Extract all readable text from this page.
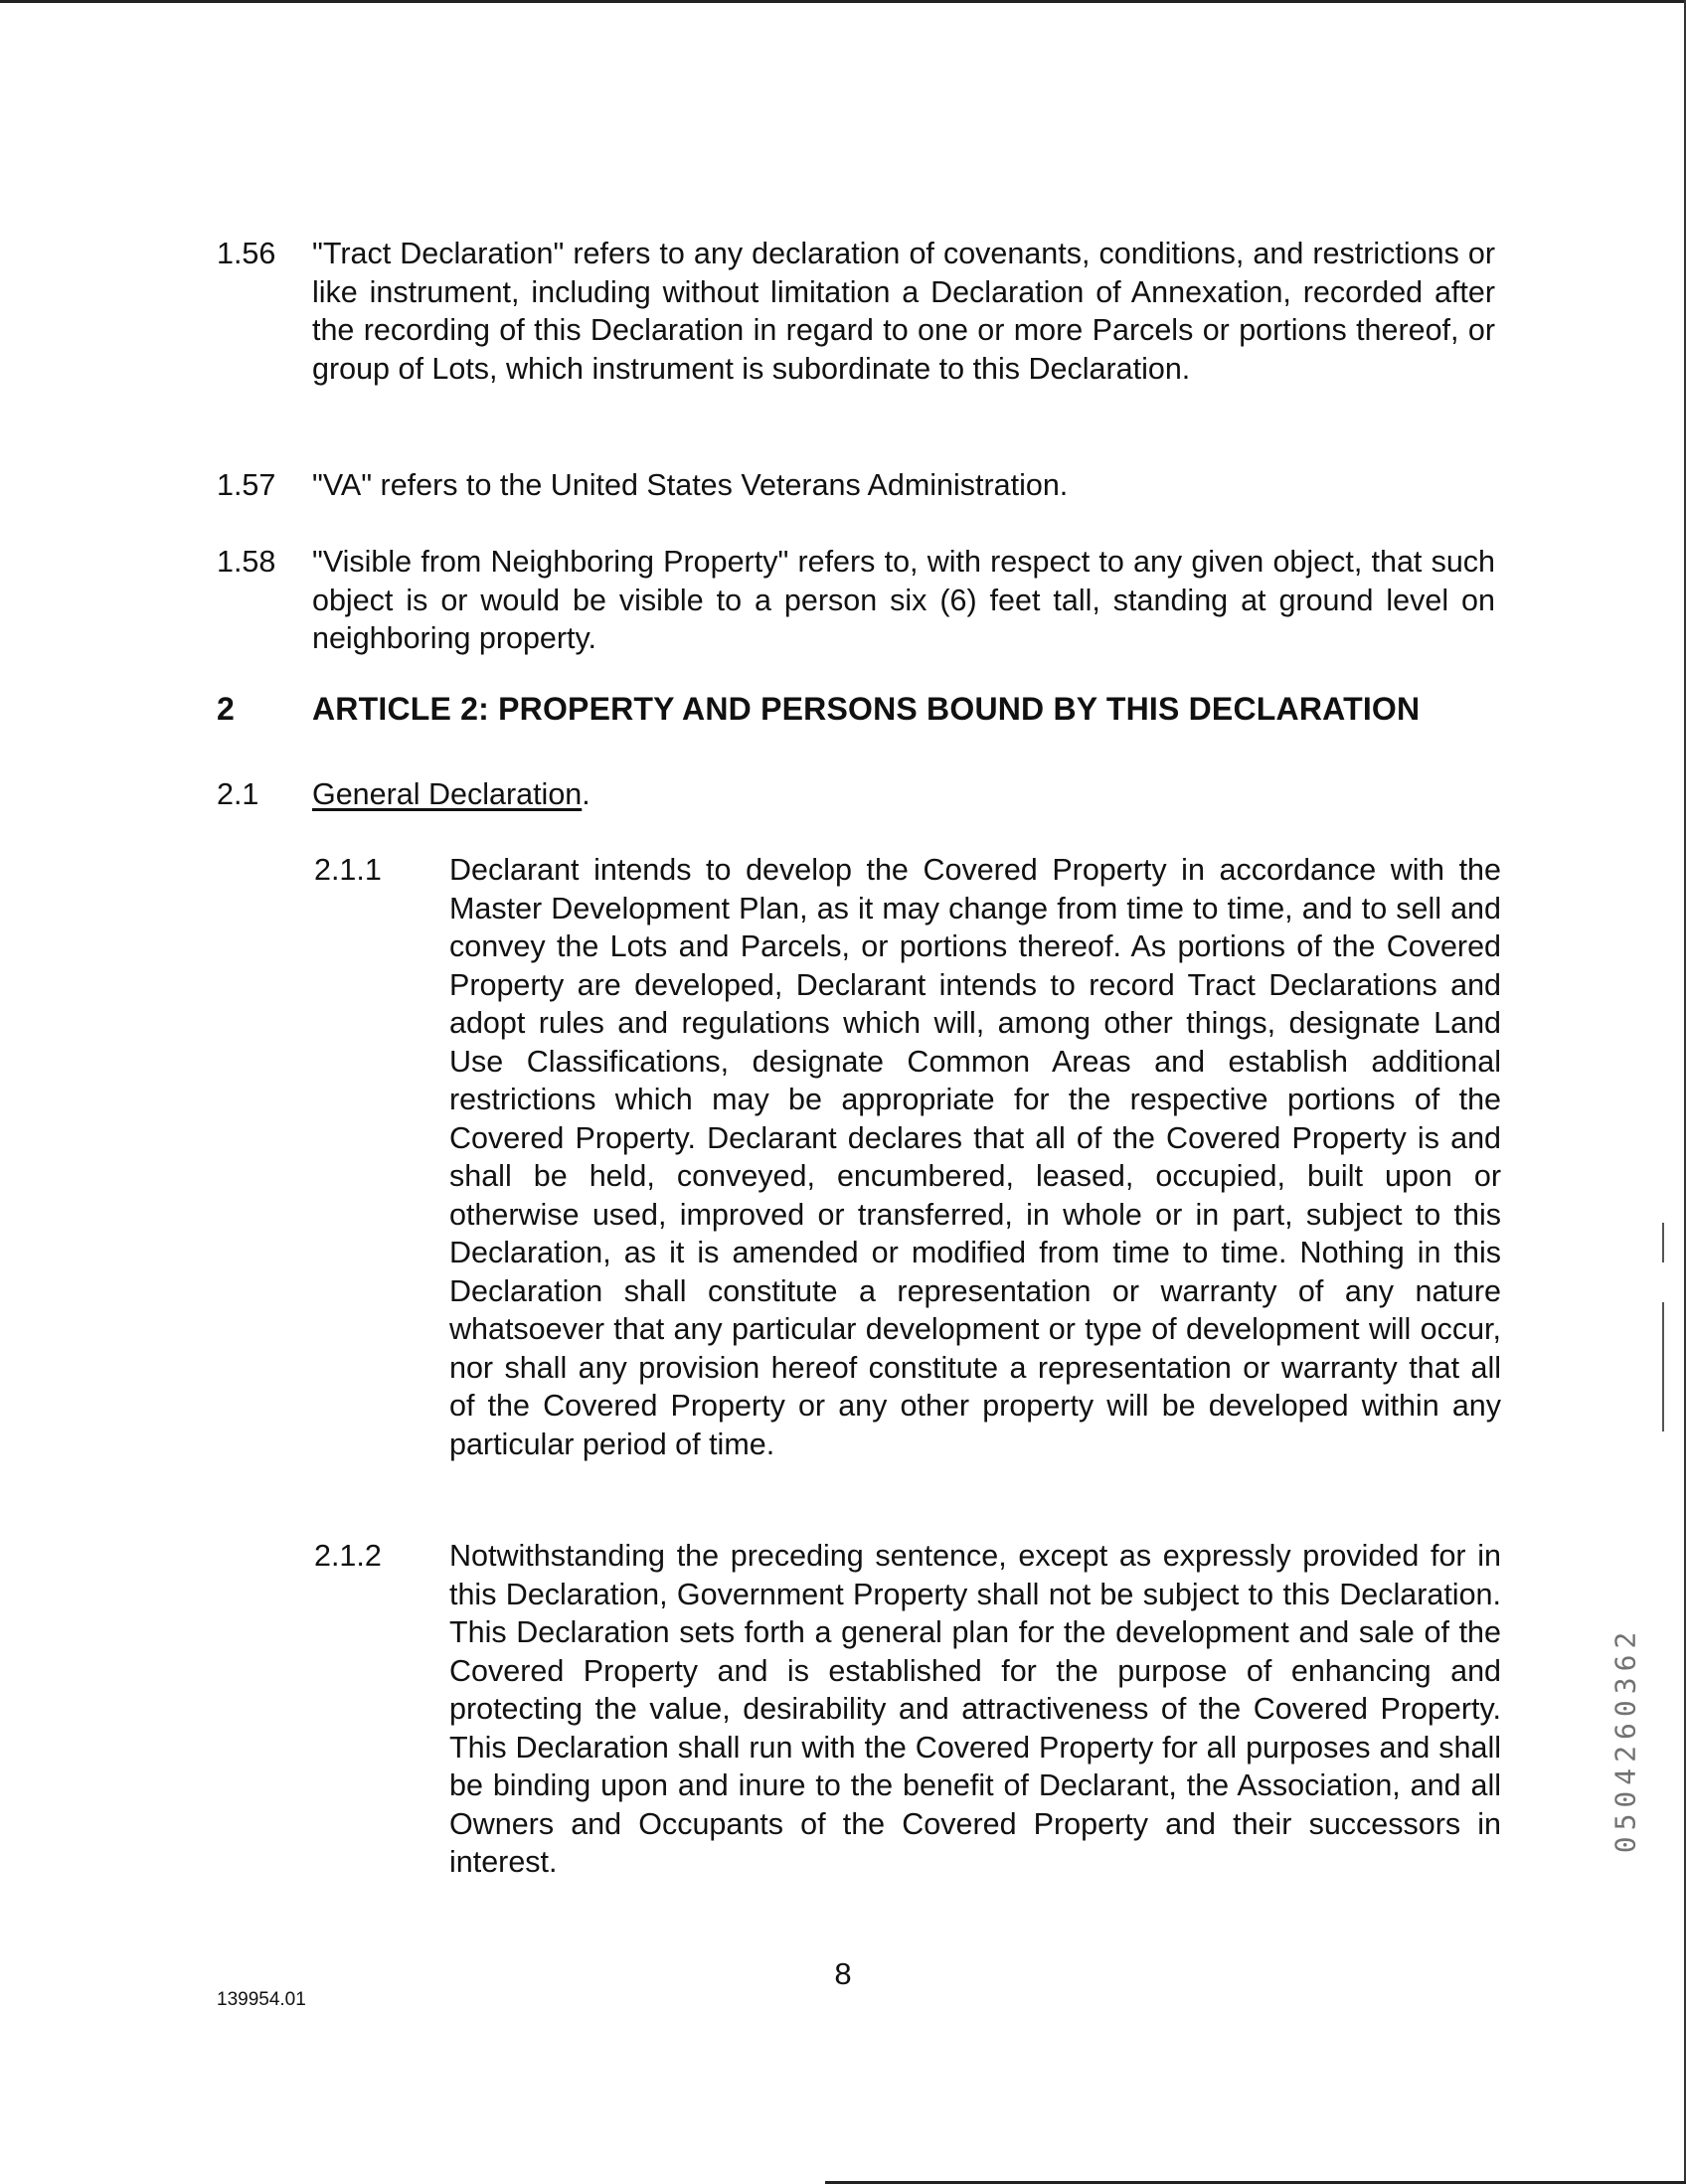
1.56	"Tract Declaration" refers to any declaration of covenants, conditions, and restrictions or like instrument, including without limitation a Declaration of Annexation, recorded after the recording of this Declaration in regard to one or more Parcels or portions thereof, or group of Lots, which instrument is subordinate to this Declaration.
1.57	"VA" refers to the United States Veterans Administration.
1.58	"Visible from Neighboring Property" refers to, with respect to any given object, that such object is or would be visible to a person six (6) feet tall, standing at ground level on neighboring property.
2 ARTICLE 2: PROPERTY AND PERSONS BOUND BY THIS DECLARATION
2.1 General Declaration.
2.1.1 Declarant intends to develop the Covered Property in accordance with the Master Development Plan, as it may change from time to time, and to sell and convey the Lots and Parcels, or portions thereof. As portions of the Covered Property are developed, Declarant intends to record Tract Declarations and adopt rules and regulations which will, among other things, designate Land Use Classifications, designate Common Areas and establish additional restrictions which may be appropriate for the respective portions of the Covered Property. Declarant declares that all of the Covered Property is and shall be held, conveyed, encumbered, leased, occupied, built upon or otherwise used, improved or transferred, in whole or in part, subject to this Declaration, as it is amended or modified from time to time. Nothing in this Declaration shall constitute a representation or warranty of any nature whatsoever that any particular development or type of development will occur, nor shall any provision hereof constitute a representation or warranty that all of the Covered Property or any other property will be developed within any particular period of time.
2.1.2 Notwithstanding the preceding sentence, except as expressly provided for in this Declaration, Government Property shall not be subject to this Declaration. This Declaration sets forth a general plan for the development and sale of the Covered Property and is established for the purpose of enhancing and protecting the value, desirability and attractiveness of the Covered Property. This Declaration shall run with the Covered Property for all purposes and shall be binding upon and inure to the benefit of Declarant, the Association, and all Owners and Occupants of the Covered Property and their successors in interest.
139954.01
8
0504260362
